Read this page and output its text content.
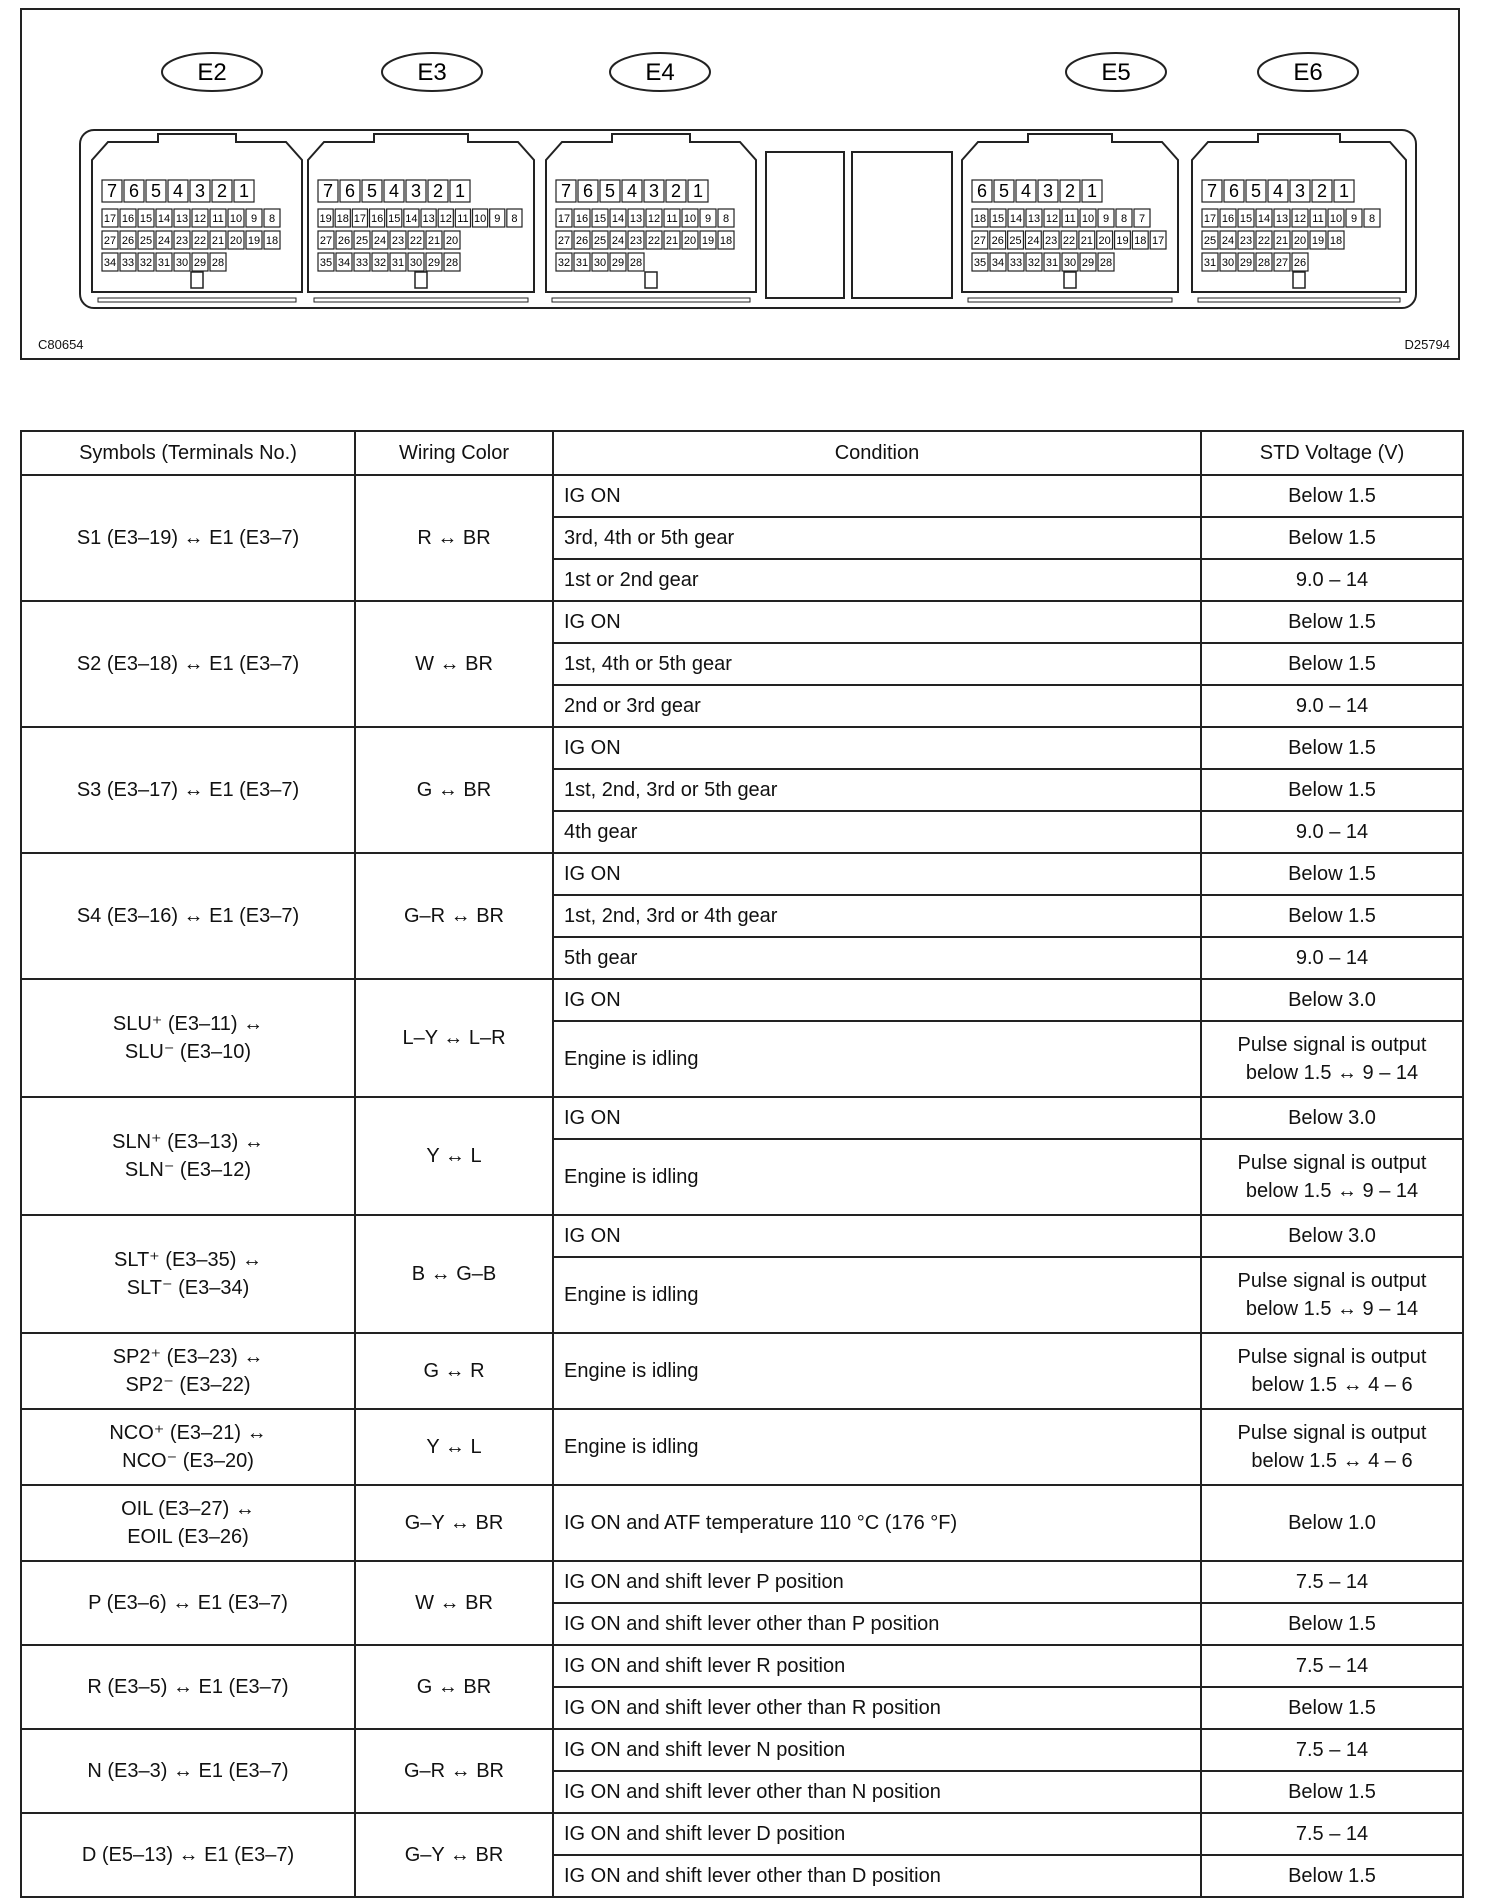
E2
7 6 5 4 3 2 1
17 16 15 14 13 12 11 10 9 8
27 26 25 24 23 22 21 20 19 18
34 33 32 31 30 29 28
E3
7 6 5 4 3 2 1
19 18 17 16 15 14 13 12 11 10 9 8
27 26 25 24 23 22 21 20
35 34 33 32 31 30 29 28
E4
7 6 5 4 3 2 1
17 16 15 14 13 12 11 10 9 8
27 26 25 24 23 22 21 20 19 18
32 31 30 29 28
E5
6 5 4 3 2 1
18 15 14 13 12 11 10 9 8 7
27 26 25 24 23 22 21 20 19 18 17
35 34 33 32 31 30 29 28
E6
7 6 5 4 3 2 1
17 16 15 14 13 12 11 10 9 8
25 24 23 22 21 20 19 18
31 30 29 28 27 26
C80654	D25794
Symbols (Terminals No.)	Wiring Color	Condition	STD Voltage (V)
S1 (E3–19) ↔ E1 (E3–7)	R ↔ BR	IG ON	Below 1.5
		3rd, 4th or 5th gear	Below 1.5
		1st or 2nd gear	9.0 – 14
S2 (E3–18) ↔ E1 (E3–7)	W ↔ BR	IG ON	Below 1.5
		1st, 4th or 5th gear	Below 1.5
		2nd or 3rd gear	9.0 – 14
S3 (E3–17) ↔ E1 (E3–7)	G ↔ BR	IG ON	Below 1.5
		1st, 2nd, 3rd or 5th gear	Below 1.5
		4th gear	9.0 – 14
S4 (E3–16) ↔ E1 (E3–7)	G–R ↔ BR	IG ON	Below 1.5
		1st, 2nd, 3rd or 4th gear	Below 1.5
		5th gear	9.0 – 14
SLU⁺ (E3–11) ↔
SLU⁻ (E3–10)	L–Y ↔ L–R	IG ON	Below 3.0
		Engine is idling	Pulse signal is output
below 1.5 ↔ 9 – 14
SLN⁺ (E3–13) ↔
SLN⁻ (E3–12)	Y ↔ L	IG ON	Below 3.0
		Engine is idling	Pulse signal is output
below 1.5 ↔ 9 – 14
SLT⁺ (E3–35) ↔
SLT⁻ (E3–34)	B ↔ G–B	IG ON	Below 3.0
		Engine is idling	Pulse signal is output
below 1.5 ↔ 9 – 14
SP2⁺ (E3–23) ↔
SP2⁻ (E3–22)	G ↔ R	Engine is idling	Pulse signal is output
below 1.5 ↔ 4 – 6
NCO⁺ (E3–21) ↔
NCO⁻ (E3–20)	Y ↔ L	Engine is idling	Pulse signal is output
below 1.5 ↔ 4 – 6
OIL (E3–27) ↔
EOIL (E3–26)	G–Y ↔ BR	IG ON and ATF temperature 110 °C (176 °F)	Below 1.0
P (E3–6) ↔ E1 (E3–7)	W ↔ BR	IG ON and shift lever P position	7.5 – 14
		IG ON and shift lever other than P position	Below 1.5
R (E3–5) ↔ E1 (E3–7)	G ↔ BR	IG ON and shift lever R position	7.5 – 14
		IG ON and shift lever other than R position	Below 1.5
N (E3–3) ↔ E1 (E3–7)	G–R ↔ BR	IG ON and shift lever N position	7.5 – 14
		IG ON and shift lever other than N position	Below 1.5
D (E5–13) ↔ E1 (E3–7)	G–Y ↔ BR	IG ON and shift lever D position	7.5 – 14
		IG ON and shift lever other than D position	Below 1.5
